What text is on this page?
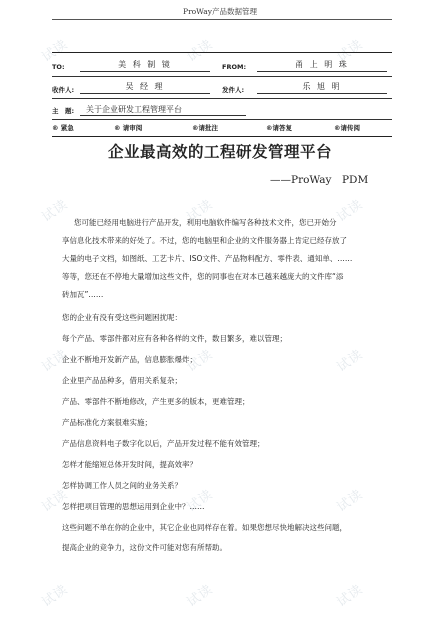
试读	试读	试读
试读	试读	试读
试读	试读	试读
试读	试读	试读
试读	试读	试读
ProWay产品数据管理
TO:	美 科 制 镜	FROM:	甬 上 明 珠
收件人:	吴 经 理	发件人:	乐 旭 明
主　题:	关于企业研发工程管理平台
® 紧急	® 请审阅	®请批注	®请答复	®请传阅
企业最高效的工程研发管理平台
——ProWay　PDM
您可能已经用电脑进行产品开发，利用电脑软件编写各种技术文件，您已开始分
享信息化技术带来的好处了。不过，您的电脑里和企业的文件服务器上肯定已经存放了
大量的电子文档，如图纸、工艺卡片、ISO文件、产品物料配方、零件表、通知单、……
等等，您还在不停地大量增加这些文件，您的同事也在对本已越来越庞大的文件库“添
砖加瓦”……
您的企业有没有受这些问题困扰呢：
每个产品、零部件都对应有各种各样的文件，数目繁多，难以管理；
企业不断地开发新产品，信息膨胀爆炸；
企业里产品品种多，借用关系复杂；
产品、零部件不断地修改，产生更多的版本，更难管理；
产品标准化方案很难实施；
产品信息资料电子数字化以后，产品开发过程不能有效管理；
怎样才能缩短总体开发时间，提高效率？
怎样协调工作人员之间的业务关系？
怎样把项目管理的思想运用到企业中？……
这些问题不单在你的企业中，其它企业也同样存在着。如果您想尽快地解决这些问题，
提高企业的竞争力，这份文件可能对您有所帮助。
